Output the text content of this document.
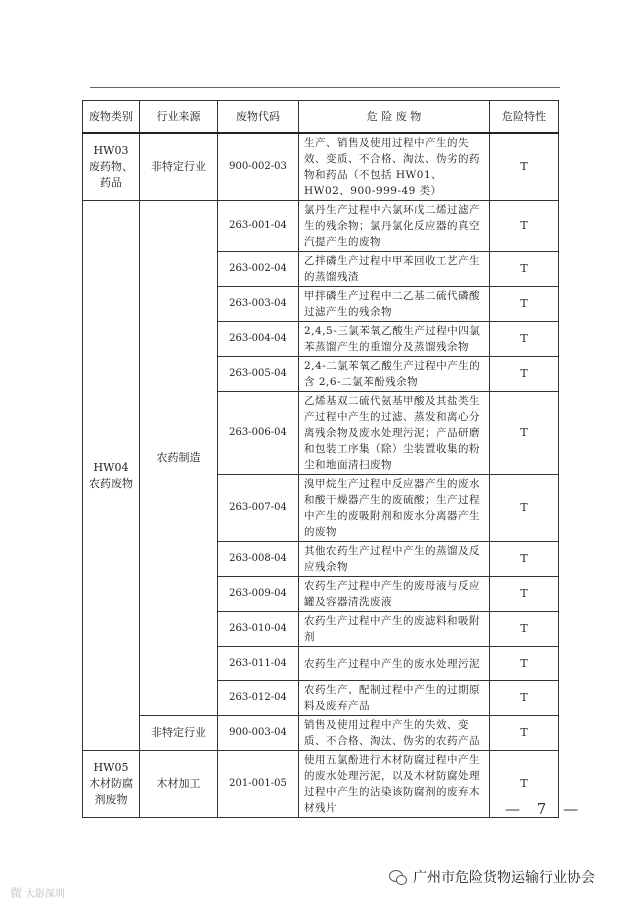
废物类别	行业来源	废物代码	危 险 废 物	危险特性

HW03
废药物、
药品	非特定行业	900-002-03	生产、销售及使用过程中产生的失效、变质、不合格、淘汰、伪劣的药物和药品（不包括 HW01、HW02、900-999-49 类）	T

HW04
农药废物	农药制造	263-001-04	氯丹生产过程中六氯环戊二烯过滤产生的残余物；氯丹氯化反应器的真空汽提产生的废物	T
		263-002-04	乙拌磷生产过程中甲苯回收工艺产生的蒸馏残渣	T
		263-003-04	甲拌磷生产过程中二乙基二硫代磷酸过滤产生的残余物	T
		263-004-04	2,4,5-三氯苯氧乙酸生产过程中四氯苯蒸馏产生的重馏分及蒸馏残余物	T
		263-005-04	2,4-二氯苯氧乙酸生产过程中产生的含 2,6-二氯苯酚残余物	T
		263-006-04	乙烯基双二硫代氨基甲酸及其盐类生产过程中产生的过滤、蒸发和离心分离残余物及废水处理污泥；产品研磨和包装工序集（除）尘装置收集的粉尘和地面清扫废物	T
		263-007-04	溴甲烷生产过程中反应器产生的废水和酸干燥器产生的废硫酸；生产过程中产生的废吸附剂和废水分离器产生的废物	T
		263-008-04	其他农药生产过程中产生的蒸馏及反应残余物	T
		263-009-04	农药生产过程中产生的废母液与反应罐及容器清洗废液	T
		263-010-04	农药生产过程中产生的废滤料和吸附剂	T
		263-011-04	农药生产过程中产生的废水处理污泥	T
		263-012-04	农药生产、配制过程中产生的过期原料及废弃产品	T
	非特定行业	900-003-04	销售及使用过程中产生的失效、变质、不合格、淘汰、伪劣的农药产品	T

HW05
木材防腐
剂废物	木材加工	201-001-05	使用五氯酚进行木材防腐过程中产生的废水处理污泥，以及木材防腐处理过程中产生的沾染该防腐剂的废弃木材残片	T
— 7 —
微 大影深圳
广州市危险货物运输行业协会
